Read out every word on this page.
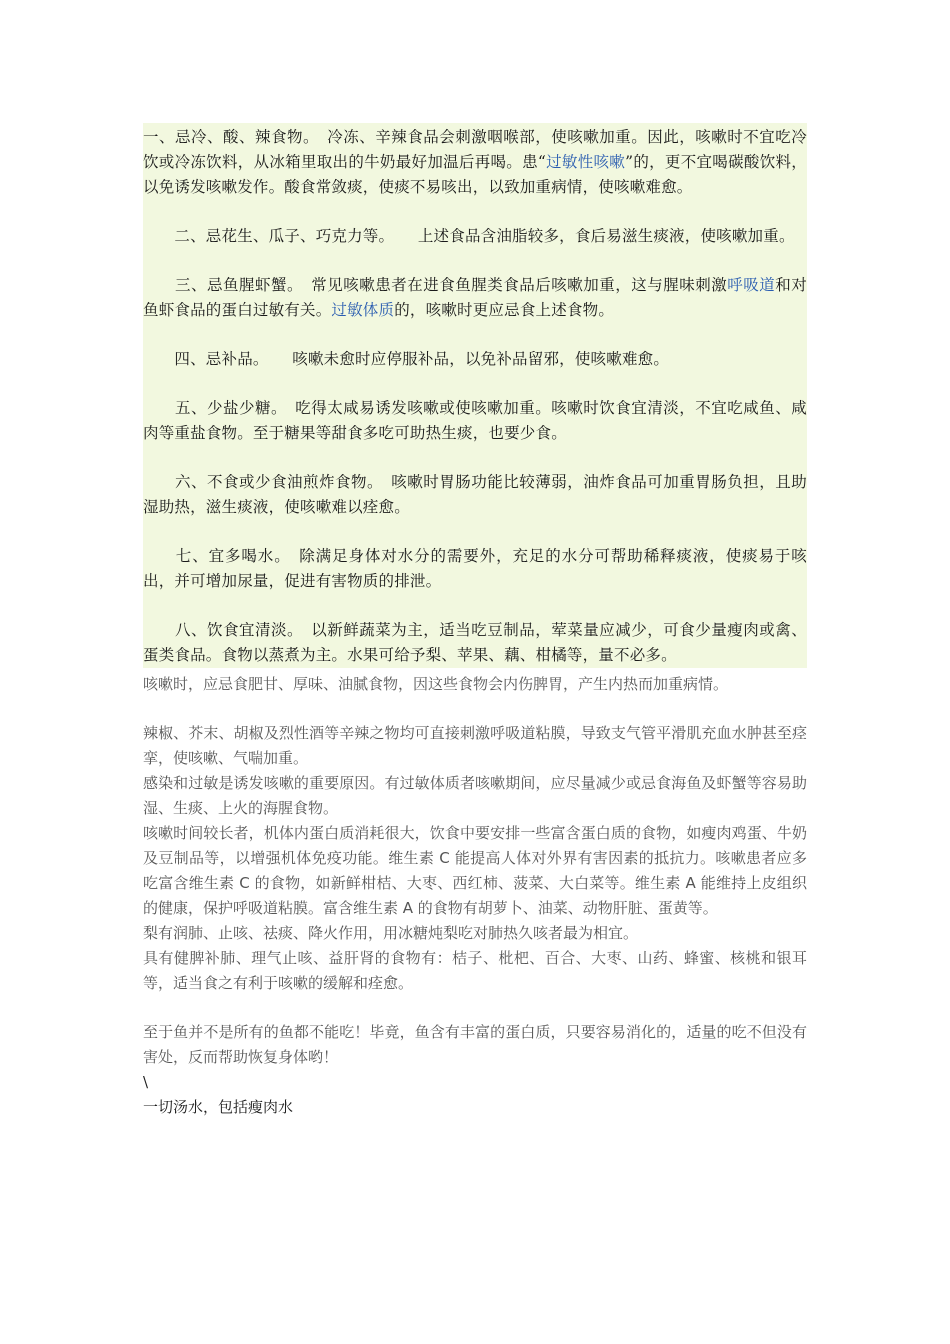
一、忌冷、酸、辣食物。　冷冻、辛辣食品会刺激咽喉部，使咳嗽加重。因此，咳嗽时不宜吃冷饮或冷冻饮料，从冰箱里取出的牛奶最好加温后再喝。患“过敏性咳嗽”的，更不宜喝碳酸饮料，以免诱发咳嗽发作。酸食常敛痰，使痰不易咳出，以致加重病情，使咳嗽难愈。

　　二、忌花生、瓜子、巧克力等。　　上述食品含油脂较多，食后易滋生痰液，使咳嗽加重。

　　三、忌鱼腥虾蟹。　常见咳嗽患者在进食鱼腥类食品后咳嗽加重，这与腥味刺激呼吸道和对鱼虾食品的蛋白过敏有关。过敏体质的，咳嗽时更应忌食上述食物。

　　四、忌补品。　　咳嗽未愈时应停服补品，以免补品留邪，使咳嗽难愈。

　　五、少盐少糖。　吃得太咸易诱发咳嗽或使咳嗽加重。咳嗽时饮食宜清淡，不宜吃咸鱼、咸肉等重盐食物。至于糖果等甜食多吃可助热生痰，也要少食。

　　六、不食或少食油煎炸食物。　咳嗽时胃肠功能比较薄弱，油炸食品可加重胃肠负担，且助湿助热，滋生痰液，使咳嗽难以痊愈。

　　七、宜多喝水。　除满足身体对水分的需要外，充足的水分可帮助稀释痰液，使痰易于咳出，并可增加尿量，促进有害物质的排泄。

　　八、饮食宜清淡。　以新鲜蔬菜为主，适当吃豆制品，荤菜量应减少，可食少量瘦肉或禽、蛋类食品。食物以蒸煮为主。水果可给予梨、苹果、藕、柑橘等，量不必多。

咳嗽时，应忌食肥甘、厚味、油腻食物，因这些食物会内伤脾胃，产生内热而加重病情。

辣椒、芥末、胡椒及烈性酒等辛辣之物均可直接刺激呼吸道粘膜，导致支气管平滑肌充血水肿甚至痉挛，使咳嗽、气喘加重。

感染和过敏是诱发咳嗽的重要原因。有过敏体质者咳嗽期间，应尽量减少或忌食海鱼及虾蟹等容易助湿、生痰、上火的海腥食物。

咳嗽时间较长者，机体内蛋白质消耗很大，饮食中要安排一些富含蛋白质的食物，如瘦肉鸡蛋、牛奶及豆制品等，以增强机体免疫功能。维生素 C 能提高人体对外界有害因素的抵抗力。咳嗽患者应多吃富含维生素 C 的食物，如新鲜柑桔、大枣、西红柿、菠菜、大白菜等。维生素 A 能维持上皮组织的健康，保护呼吸道粘膜。富含维生素 A 的食物有胡萝卜、油菜、动物肝脏、蛋黄等。

梨有润肺、止咳、祛痰、降火作用，用冰糖炖梨吃对肺热久咳者最为相宜。

具有健脾补肺、理气止咳、益肝肾的食物有：桔子、枇杷、百合、大枣、山药、蜂蜜、核桃和银耳等，适当食之有利于咳嗽的缓解和痊愈。

至于鱼并不是所有的鱼都不能吃！毕竟，鱼含有丰富的蛋白质，只要容易消化的，适量的吃不但没有害处，反而帮助恢复身体哟！

\

一切汤水，包括瘦肉水
